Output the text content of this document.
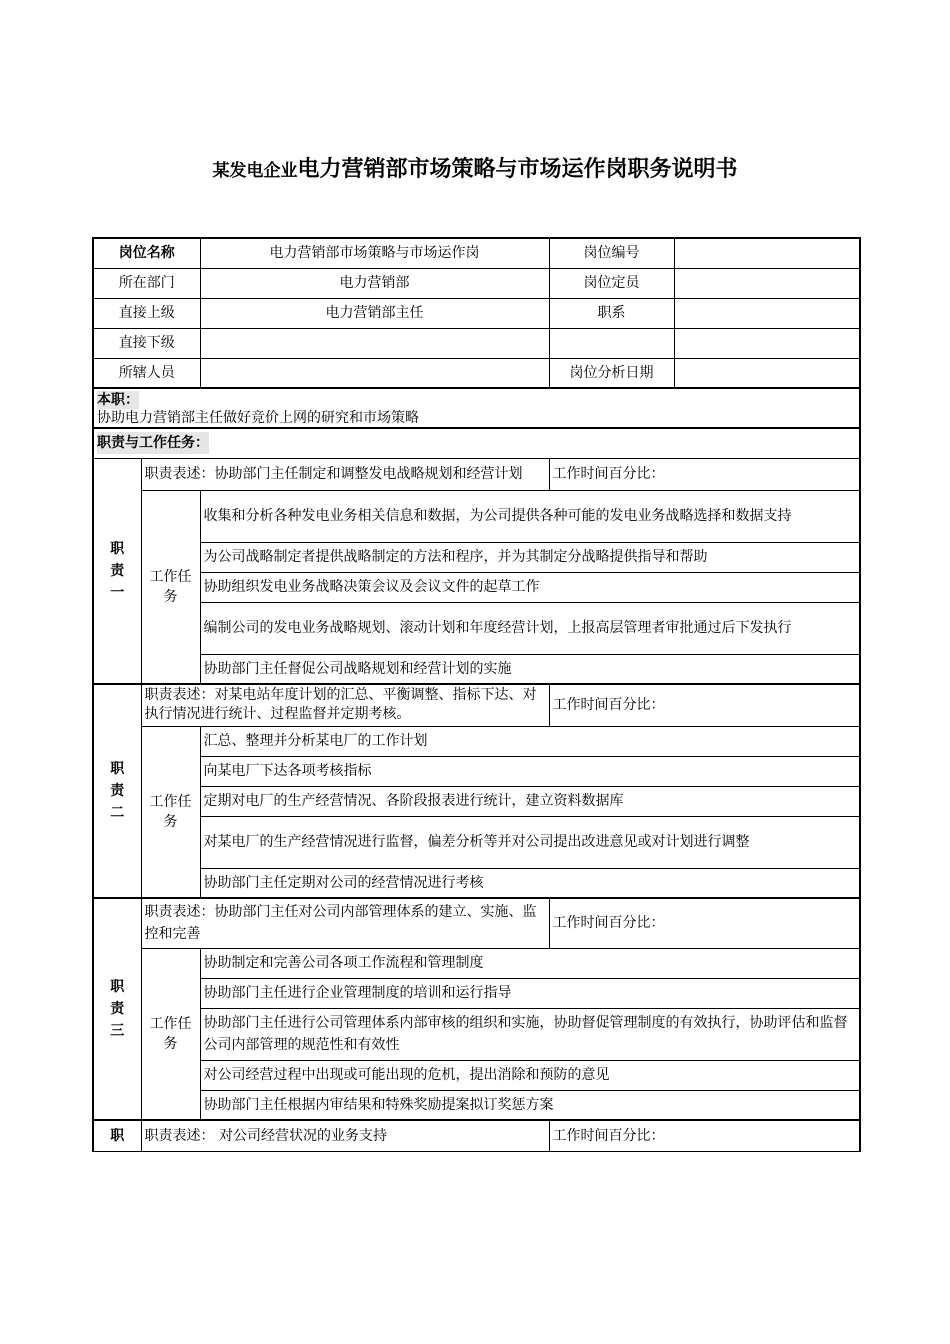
某发电企业电力营销部市场策略与市场运作岗职务说明书
岗位名称		电力营销部市场策略与市场运作岗	岗位编号	
所在部门		电力营销部	岗位定员	
直接上级		电力营销部主任	职系	
直接下级				
所辖人员			岗位分析日期	
本职：
协助电力营销部主任做好竞价上网的研究和市场策略				
职责与工作任务：				

职
责
一	职责表述：协助部门主任制定和调整发电战略规划和经营计划		工作时间百分比：	
	工作任务	收集和分析各种发电业务相关信息和数据，为公司提供各种可能的发电业务战略选择和数据支持		
		为公司战略制定者提供战略制定的方法和程序，并为其制定分战略提供指导和帮助		
		协助组织发电业务战略决策会议及会议文件的起草工作		
		编制公司的发电业务战略规划、滚动计划和年度经营计划，上报高层管理者审批通过后下发执行		
		协助部门主任督促公司战略规划和经营计划的实施		

职
责
二	职责表述：对某电站年度计划的汇总、平衡调整、指标下达、对执行情况进行统计、过程监督并定期考核。		工作时间百分比：	
	工作任务	汇总、整理并分析某电厂的工作计划		
		向某电厂下达各项考核指标		
		定期对电厂的生产经营情况、各阶段报表进行统计，建立资料数据库		
		对某电厂的生产经营情况进行监督，偏差分析等并对公司提出改进意见或对计划进行调整		
		协助部门主任定期对公司的经营情况进行考核		

职
责
三	职责表述：协助部门主任对公司内部管理体系的建立、实施、监控和完善		工作时间百分比：	
	工作任务	协助制定和完善公司各项工作流程和管理制度		
		协助部门主任进行企业管理制度的培训和运行指导		
		协助部门主任进行公司管理体系内部审核的组织和实施，协助督促管理制度的有效执行，协助评估和监督公司内部管理的规范性和有效性		
		对公司经营过程中出现或可能出现的危机，提出消除和预防的意见		
		协助部门主任根据内审结果和特殊奖励提案拟订奖惩方案		
职	职责表述： 对公司经营状况的业务支持		工作时间百分比：	
